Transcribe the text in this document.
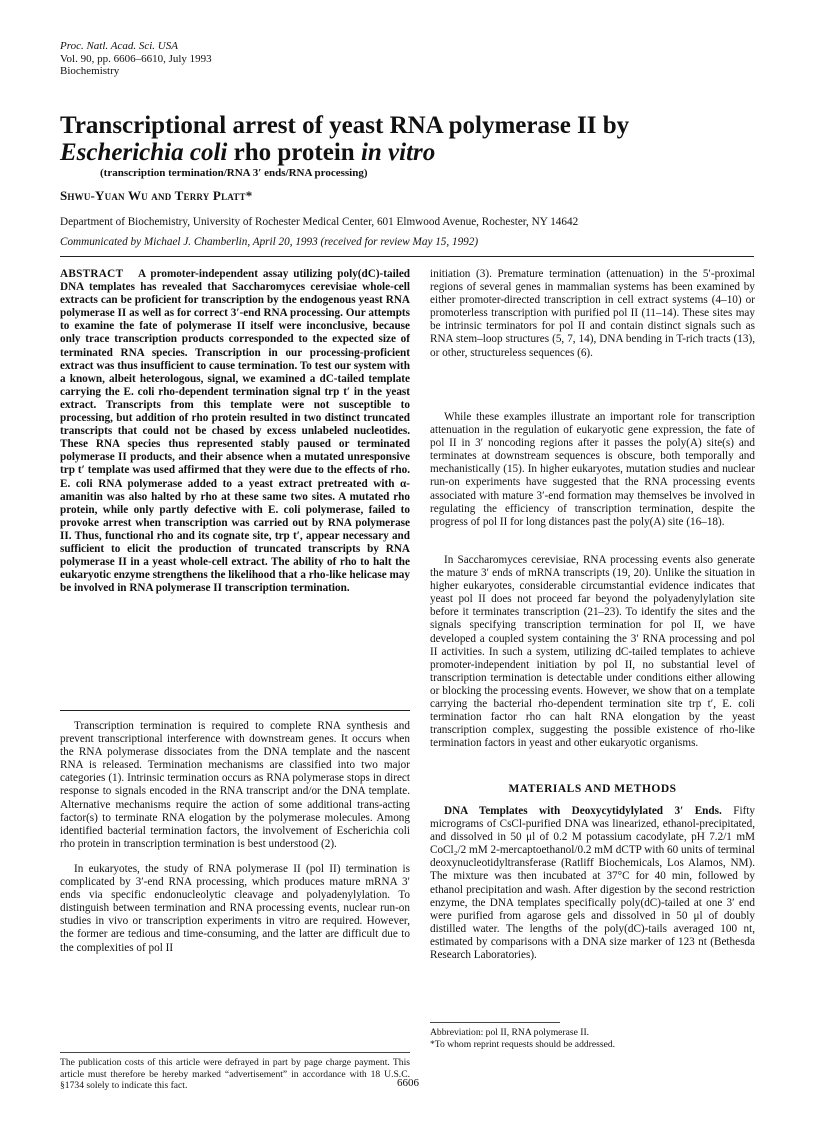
Proc. Natl. Acad. Sci. USA
Vol. 90, pp. 6606–6610, July 1993
Biochemistry
Transcriptional arrest of yeast RNA polymerase II by
Escherichia coli rho protein in vitro
(transcription termination/RNA 3′ ends/RNA processing)
Shwu-Yuan Wu and Terry Platt*
Department of Biochemistry, University of Rochester Medical Center, 601 Elmwood Avenue, Rochester, NY 14642
Communicated by Michael J. Chamberlin, April 20, 1993 (received for review May 15, 1992)

ABSTRACT A promoter-independent assay utilizing poly(dC)-tailed DNA templates has revealed that Saccharomyces cerevisiae whole-cell extracts can be proficient for transcription by the endogenous yeast RNA polymerase II as well as for correct 3′-end RNA processing. Our attempts to examine the fate of polymerase II itself were inconclusive, because only trace transcription products corresponded to the expected size of terminated RNA species. Transcription in our processing-proficient extract was thus insufficient to cause termination. To test our system with a known, albeit heterologous, signal, we examined a dC-tailed template carrying the E. coli rho-dependent termination signal trp t′ in the yeast extract. Transcripts from this template were not susceptible to processing, but addition of rho protein resulted in two distinct truncated transcripts that could not be chased by excess unlabeled nucleotides. These RNA species thus represented stably paused or terminated polymerase II products, and their absence when a mutated unresponsive trp t′ template was used affirmed that they were due to the effects of rho. E. coli RNA polymerase added to a yeast extract pretreated with α-amanitin was also halted by rho at these same two sites. A mutated rho protein, while only partly defective with E. coli polymerase, failed to provoke arrest when transcription was carried out by RNA polymerase II. Thus, functional rho and its cognate site, trp t′, appear necessary and sufficient to elicit the production of truncated transcripts by RNA polymerase II in a yeast whole-cell extract. The ability of rho to halt the eukaryotic enzyme strengthens the likelihood that a rho-like helicase may be involved in RNA polymerase II transcription termination.

Transcription termination is required to complete RNA synthesis and prevent transcriptional interference with downstream genes. It occurs when the RNA polymerase dissociates from the DNA template and the nascent RNA is released. Termination mechanisms are classified into two major categories (1). Intrinsic termination occurs as RNA polymerase stops in direct response to signals encoded in the RNA transcript and/or the DNA template. Alternative mechanisms require the action of some additional trans-acting factor(s) to terminate RNA elogation by the polymerase molecules. Among identified bacterial termination factors, the involvement of Escherichia coli rho protein in transcription termination is best understood (2).

In eukaryotes, the study of RNA polymerase II (pol II) termination is complicated by 3′-end RNA processing, which produces mature mRNA 3′ ends via specific endonucleolytic cleavage and polyadenylylation. To distinguish between termination and RNA processing events, nuclear run-on studies in vivo or transcription experiments in vitro are required. However, the former are tedious and time-consuming, and the latter are difficult due to the complexities of pol II

The publication costs of this article were defrayed in part by page charge payment. This article must therefore be hereby marked “advertisement” in accordance with 18 U.S.C. §1734 solely to indicate this fact.

initiation (3). Premature termination (attenuation) in the 5′-proximal regions of several genes in mammalian systems has been examined by either promoter-directed transcription in cell extract systems (4–10) or promoterless transcription with purified pol II (11–14). These sites may be intrinsic terminators for pol II and contain distinct signals such as RNA stem–loop structures (5, 7, 14), DNA bending in T-rich tracts (13), or other, structureless sequences (6).

While these examples illustrate an important role for transcription attenuation in the regulation of eukaryotic gene expression, the fate of pol II in 3′ noncoding regions after it passes the poly(A) site(s) and terminates at downstream sequences is obscure, both temporally and mechanistically (15). In higher eukaryotes, mutation studies and nuclear run-on experiments have suggested that the RNA processing events associated with mature 3′-end formation may themselves be involved in regulating the efficiency of transcription termination, despite the progress of pol II for long distances past the poly(A) site (16–18).

In Saccharomyces cerevisiae, RNA processing events also generate the mature 3′ ends of mRNA transcripts (19, 20). Unlike the situation in higher eukaryotes, considerable circumstantial evidence indicates that yeast pol II does not proceed far beyond the polyadenylylation site before it terminates transcription (21–23). To identify the sites and the signals specifying transcription termination for pol II, we have developed a coupled system containing the 3′ RNA processing and pol II activities. In such a system, utilizing dC-tailed templates to achieve promoter-independent initiation by pol II, no substantial level of transcription termination is detectable under conditions either allowing or blocking the processing events. However, we show that on a template carrying the bacterial rho-dependent termination site trp t′, E. coli termination factor rho can halt RNA elongation by the yeast transcription complex, suggesting the possible existence of rho-like termination factors in yeast and other eukaryotic organisms.

MATERIALS AND METHODS

DNA Templates with Deoxycytidylylated 3′ Ends. Fifty micrograms of CsCl-purified DNA was linearized, ethanol-precipitated, and dissolved in 50 μl of 0.2 M potassium cacodylate, pH 7.2/1 mM CoCl₂/2 mM 2-mercaptoethanol/0.2 mM dCTP with 60 units of terminal deoxynucleotidyltransferase (Ratliff Biochemicals, Los Alamos, NM). The mixture was then incubated at 37°C for 40 min, followed by ethanol precipitation and wash. After digestion by the second restriction enzyme, the DNA templates specifically poly(dC)-tailed at one 3′ end were purified from agarose gels and dissolved in 50 μl of doubly distilled water. The lengths of the poly(dC)-tails averaged 100 nt, estimated by comparisons with a DNA size marker of 123 nt (Bethesda Research Laboratories).

Abbreviation: pol II, RNA polymerase II.
*To whom reprint requests should be addressed.
6606
